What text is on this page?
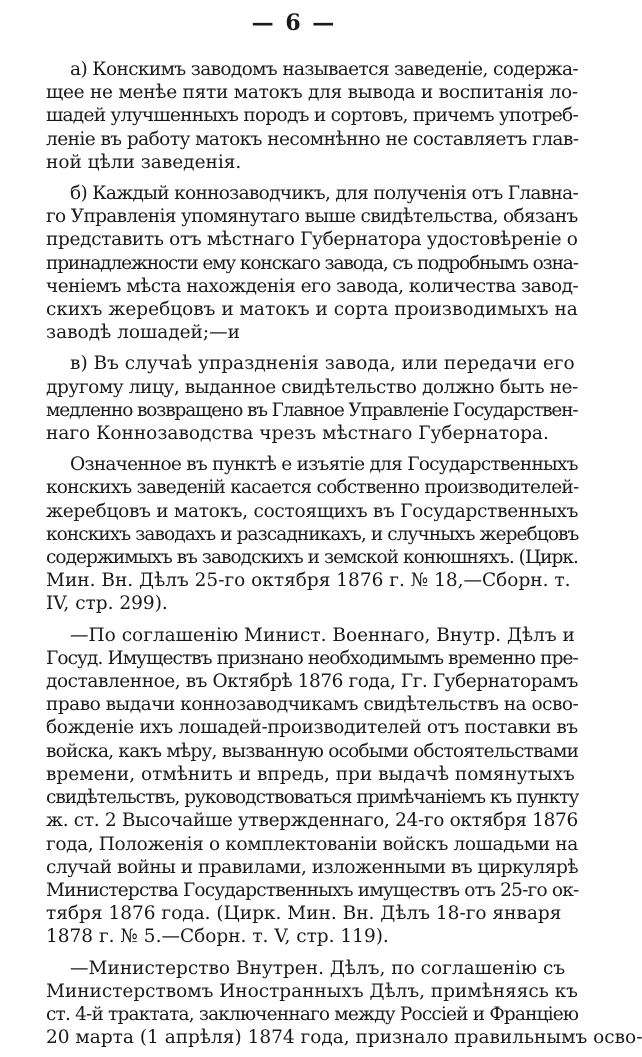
— 6 —
а) Конскимъ заводомъ называется заведеніе, содержа-
щее не менѣе пяти матокъ для вывода и воспитанія ло-
шадей улучшенныхъ породъ и сортовъ, причемъ употреб-
леніе въ работу матокъ несомнѣнно не составляетъ глав-
ной цѣли заведенія.
б) Каждый коннозаводчикъ, для полученія отъ Главна-
го Управленія упомянутаго выше свидѣтельства, обязанъ
представить отъ мѣстнаго Губернатора удостовѣреніе о
принадлежности ему конскаго завода, съ подробнымъ озна-
ченіемъ мѣста нахожденія его завода, количества завод-
скихъ жеребцовъ и матокъ и сорта производимыхъ на
заводѣ лошадей;—и
в) Въ случаѣ упраздненія завода, или передачи его
другому лицу, выданное свидѣтельство должно быть не-
медленно возвращено въ Главное Управленіе Государствен-
наго Коннозаводства чрезъ мѣстнаго Губернатора.
Означенное въ пунктѣ е изъятіе для Государственныхъ
конскихъ заведеній касается собственно производителей-
жеребцовъ и матокъ, состоящихъ въ Государственныхъ
конскихъ заводахъ и разсадникахъ, и случныхъ жеребцовъ
содержимыхъ въ заводскихъ и земской конюшняхъ. (Цирк.
Мин. Вн. Дѣлъ 25-го октября 1876 г. № 18,—Сборн. т.
IV, стр. 299).
—По соглашенію Минист. Военнаго, Внутр. Дѣлъ и
Госуд. Имуществъ признано необходимымъ временно пре-
доставленное, въ Октябрѣ 1876 года, Гг. Губернаторамъ
право выдачи коннозаводчикамъ свидѣтельствъ на осво-
божденіе ихъ лошадей-производителей отъ поставки въ
войска, какъ мѣру, вызванную особыми обстоятельствами
времени, отмѣнить и впредь, при выдачѣ помянутыхъ
свидѣтельствъ, руководствоваться примѣчаніемъ къ пункту
ж. ст. 2 Высочайше утвержденнаго, 24-го октября 1876
года, Положенія о комплектованіи войскъ лошадьми на
случай войны и правилами, изложенными въ циркулярѣ
Министерства Государственныхъ имуществъ отъ 25-го ок-
тября 1876 года. (Цирк. Мин. Вн. Дѣлъ 18-го января
1878 г. № 5.—Сборн. т. V, стр. 119).
—Министерство Внутрен. Дѣлъ, по соглашенію съ
Министерствомъ Иностранныхъ Дѣлъ, примѣняясь къ
ст. 4-й трактата, заключеннаго между Россіей и Франціею
20 марта (1 апрѣля) 1874 года, признало правильнымъ осво-
